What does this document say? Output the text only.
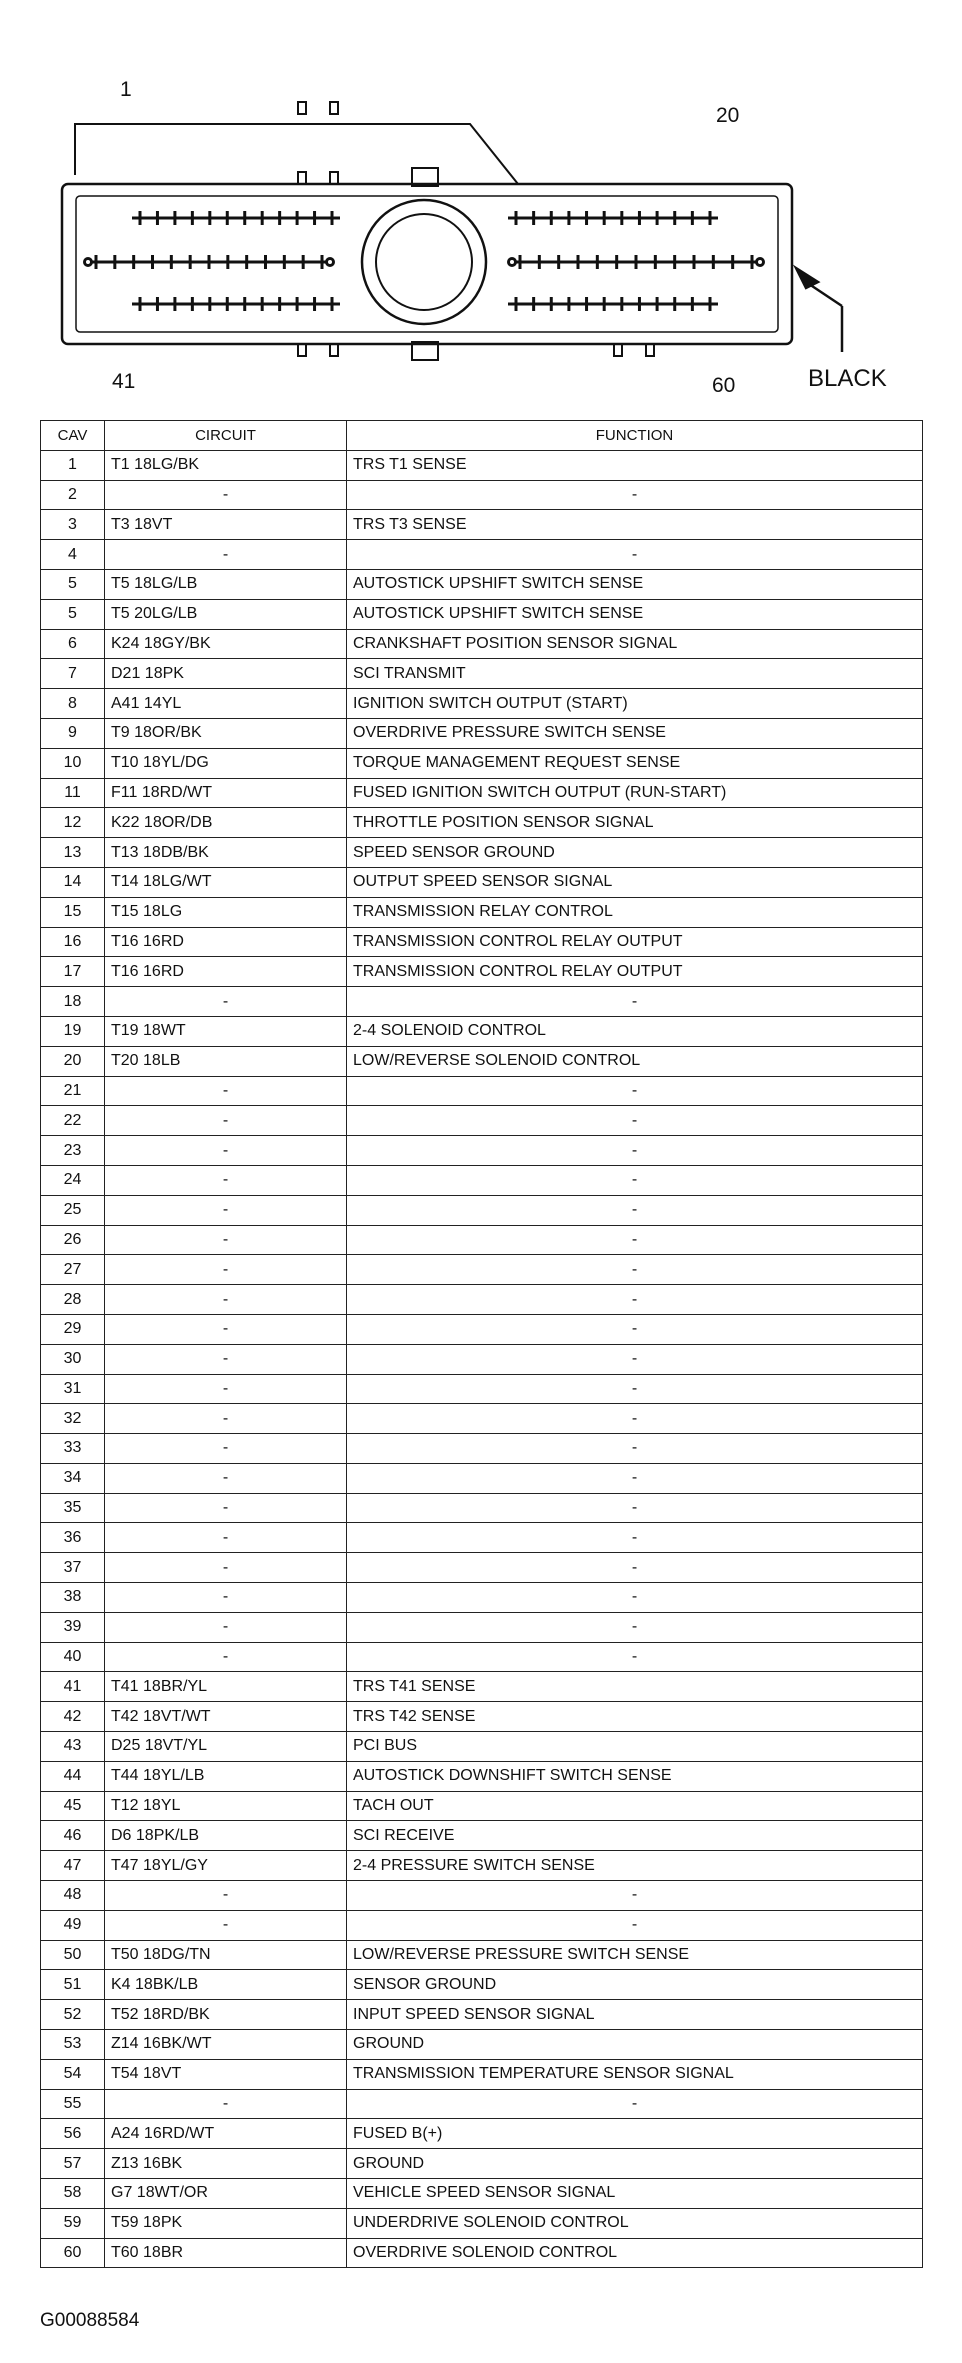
1
20
41	60	BLACK
CAV	CIRCUIT	FUNCTION
1	T1 18LG/BK	TRS T1 SENSE
2	-	-
3	T3 18VT	TRS T3 SENSE
4	-	-
5	T5 18LG/LB	AUTOSTICK UPSHIFT SWITCH SENSE
5	T5 20LG/LB	AUTOSTICK UPSHIFT SWITCH SENSE
6	K24 18GY/BK	CRANKSHAFT POSITION SENSOR SIGNAL
7	D21 18PK	SCI TRANSMIT
8	A41 14YL	IGNITION SWITCH OUTPUT (START)
9	T9 18OR/BK	OVERDRIVE PRESSURE SWITCH SENSE
10	T10 18YL/DG	TORQUE MANAGEMENT REQUEST SENSE
11	F11 18RD/WT	FUSED IGNITION SWITCH OUTPUT (RUN-START)
12	K22 18OR/DB	THROTTLE POSITION SENSOR SIGNAL
13	T13 18DB/BK	SPEED SENSOR GROUND
14	T14 18LG/WT	OUTPUT SPEED SENSOR SIGNAL
15	T15 18LG	TRANSMISSION RELAY CONTROL
16	T16 16RD	TRANSMISSION CONTROL RELAY OUTPUT
17	T16 16RD	TRANSMISSION CONTROL RELAY OUTPUT
18	-	-
19	T19 18WT	2-4 SOLENOID CONTROL
20	T20 18LB	LOW/REVERSE SOLENOID CONTROL
21	-	-
22	-	-
23	-	-
24	-	-
25	-	-
26	-	-
27	-	-
28	-	-
29	-	-
30	-	-
31	-	-
32	-	-
33	-	-
34	-	-
35	-	-
36	-	-
37	-	-
38	-	-
39	-	-
40	-	-
41	T41 18BR/YL	TRS T41 SENSE
42	T42 18VT/WT	TRS T42 SENSE
43	D25 18VT/YL	PCI BUS
44	T44 18YL/LB	AUTOSTICK DOWNSHIFT SWITCH SENSE
45	T12 18YL	TACH OUT
46	D6 18PK/LB	SCI RECEIVE
47	T47 18YL/GY	2-4 PRESSURE SWITCH SENSE
48	-	-
49	-	-
50	T50 18DG/TN	LOW/REVERSE PRESSURE SWITCH SENSE
51	K4 18BK/LB	SENSOR GROUND
52	T52 18RD/BK	INPUT SPEED SENSOR SIGNAL
53	Z14 16BK/WT	GROUND
54	T54 18VT	TRANSMISSION TEMPERATURE SENSOR SIGNAL
55	-	-
56	A24 16RD/WT	FUSED B(+)
57	Z13 16BK	GROUND
58	G7 18WT/OR	VEHICLE SPEED SENSOR SIGNAL
59	T59 18PK	UNDERDRIVE SOLENOID CONTROL
60	T60 18BR	OVERDRIVE SOLENOID CONTROL
G00088584
